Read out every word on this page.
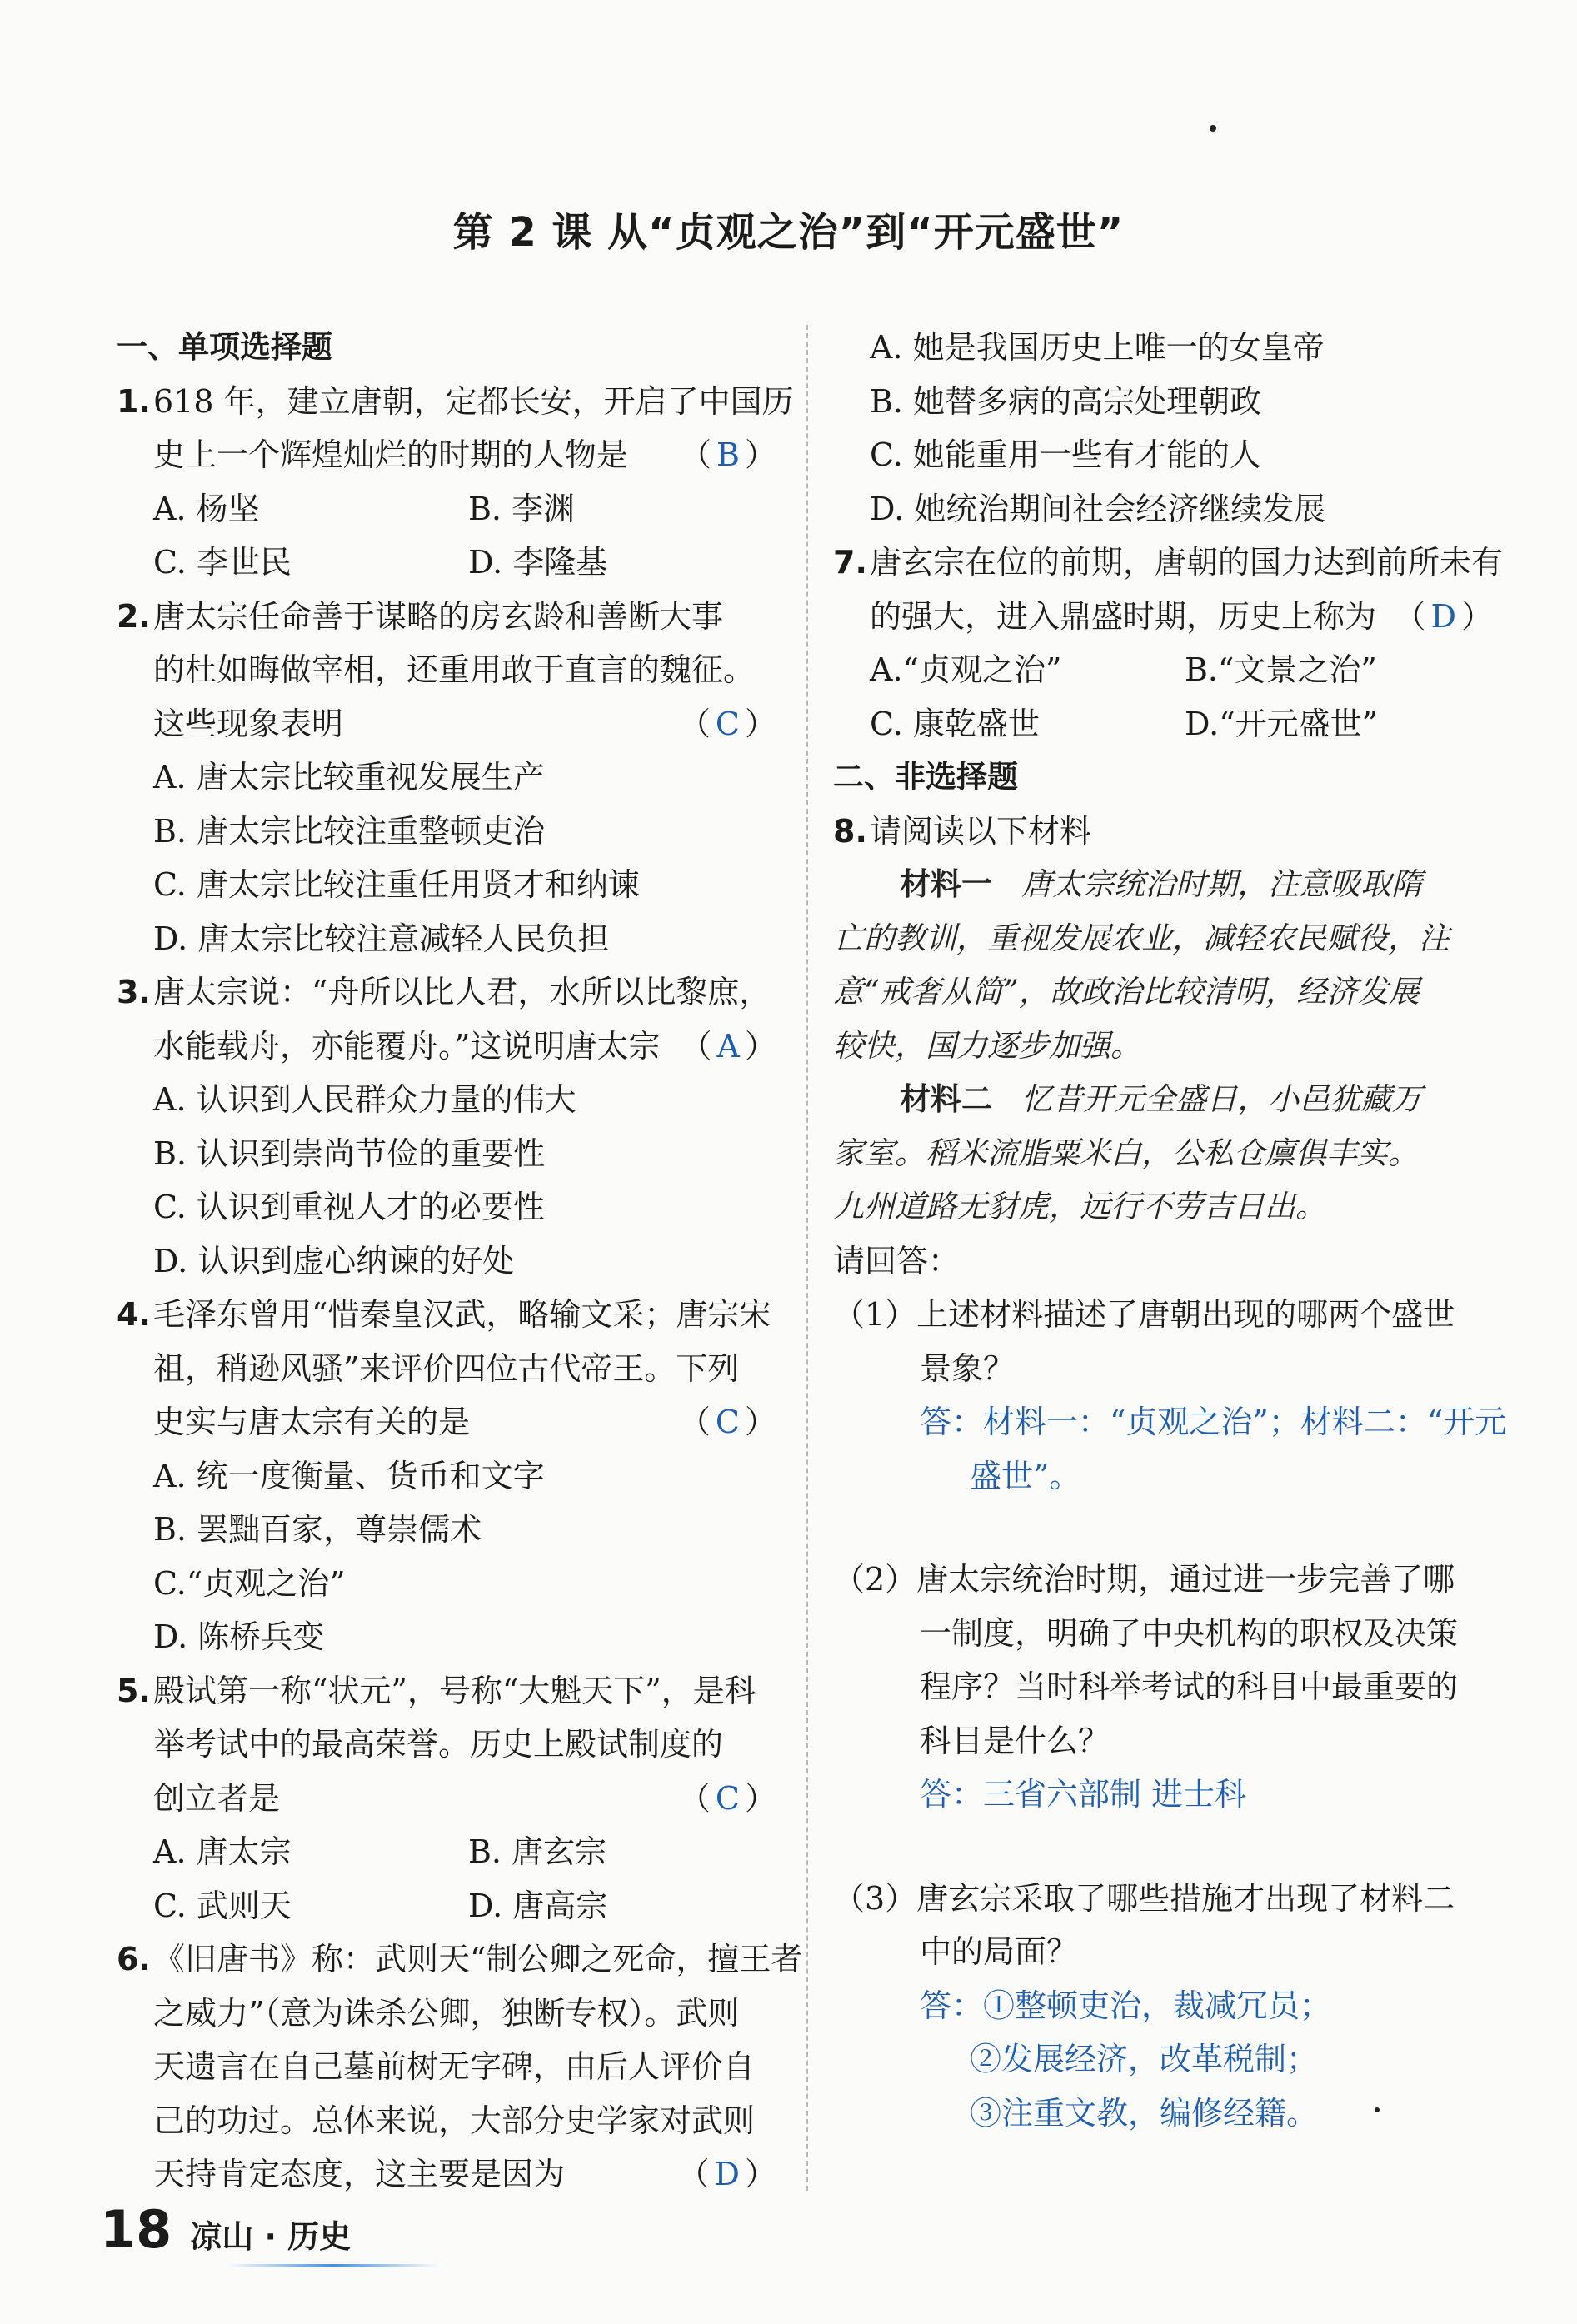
第 2 课 从“贞观之治”到“开元盛世”
一、单项选择题
1. 618 年，建立唐朝，定都长安，开启了中国历
史上一个辉煌灿烂的时期的人物是 （ B ）
A. 杨坚	B. 李渊
C. 李世民	D. 李隆基
2. 唐太宗任命善于谋略的房玄龄和善断大事
的杜如晦做宰相，还重用敢于直言的魏征。
这些现象表明	（ C ）
A. 唐太宗比较重视发展生产
B. 唐太宗比较注重整顿吏治
C. 唐太宗比较注重任用贤才和纳谏
D. 唐太宗比较注意减轻人民负担
3. 唐太宗说：“舟所以比人君，水所以比黎庶，
水能载舟，亦能覆舟。”这说明唐太宗 （ A ）
A. 认识到人民群众力量的伟大
B. 认识到崇尚节俭的重要性
C. 认识到重视人才的必要性
D. 认识到虚心纳谏的好处
4. 毛泽东曾用“惜秦皇汉武，略输文采；唐宗宋
祖，稍逊风骚”来评价四位古代帝王。下列
史实与唐太宗有关的是	（ C ）
A. 统一度衡量、货币和文字
B. 罢黜百家，尊崇儒术
C.“贞观之治”
D. 陈桥兵变
5. 殿试第一称“状元”，号称“大魁天下”，是科
举考试中的最高荣誉。历史上殿试制度的
创立者是	（ C ）
A. 唐太宗	B. 唐玄宗
C. 武则天	D. 唐高宗
6. 《旧唐书》称：武则天“制公卿之死命，擅王者
之威力”（意为诛杀公卿，独断专权）。武则
天遗言在自己墓前树无字碑，由后人评价自
己的功过。总体来说，大部分史学家对武则
天持肯定态度，这主要是因为	（ D ）
A. 她是我国历史上唯一的女皇帝
B. 她替多病的高宗处理朝政
C. 她能重用一些有才能的人
D. 她统治期间社会经济继续发展
7. 唐玄宗在位的前期，唐朝的国力达到前所未有
的强大，进入鼎盛时期，历史上称为 （ D ）
A.“贞观之治”	B.“文景之治”
C. 康乾盛世	D.“开元盛世”
二、非选择题
8. 请阅读以下材料
材料一 唐太宗统治时期，注意吸取隋
亡的教训，重视发展农业，减轻农民赋役，注
意“戒奢从简”，故政治比较清明，经济发展
较快，国力逐步加强。
材料二 忆昔开元全盛日，小邑犹藏万
家室。稻米流脂粟米白，公私仓廪俱丰实。
九州道路无豺虎，远行不劳吉日出。
请回答：
（1）上述材料描述了唐朝出现的哪两个盛世
景象？
答：材料一：“贞观之治”；材料二：“开元
盛世”。
（2）唐太宗统治时期，通过进一步完善了哪
一制度，明确了中央机构的职权及决策
程序？当时科举考试的科目中最重要的
科目是什么？
答：三省六部制 进士科
（3）唐玄宗采取了哪些措施才出现了材料二
中的局面？
答：①整顿吏治，裁减冗员；
②发展经济，改革税制；
③注重文教，编修经籍。
18 凉山 · 历史
